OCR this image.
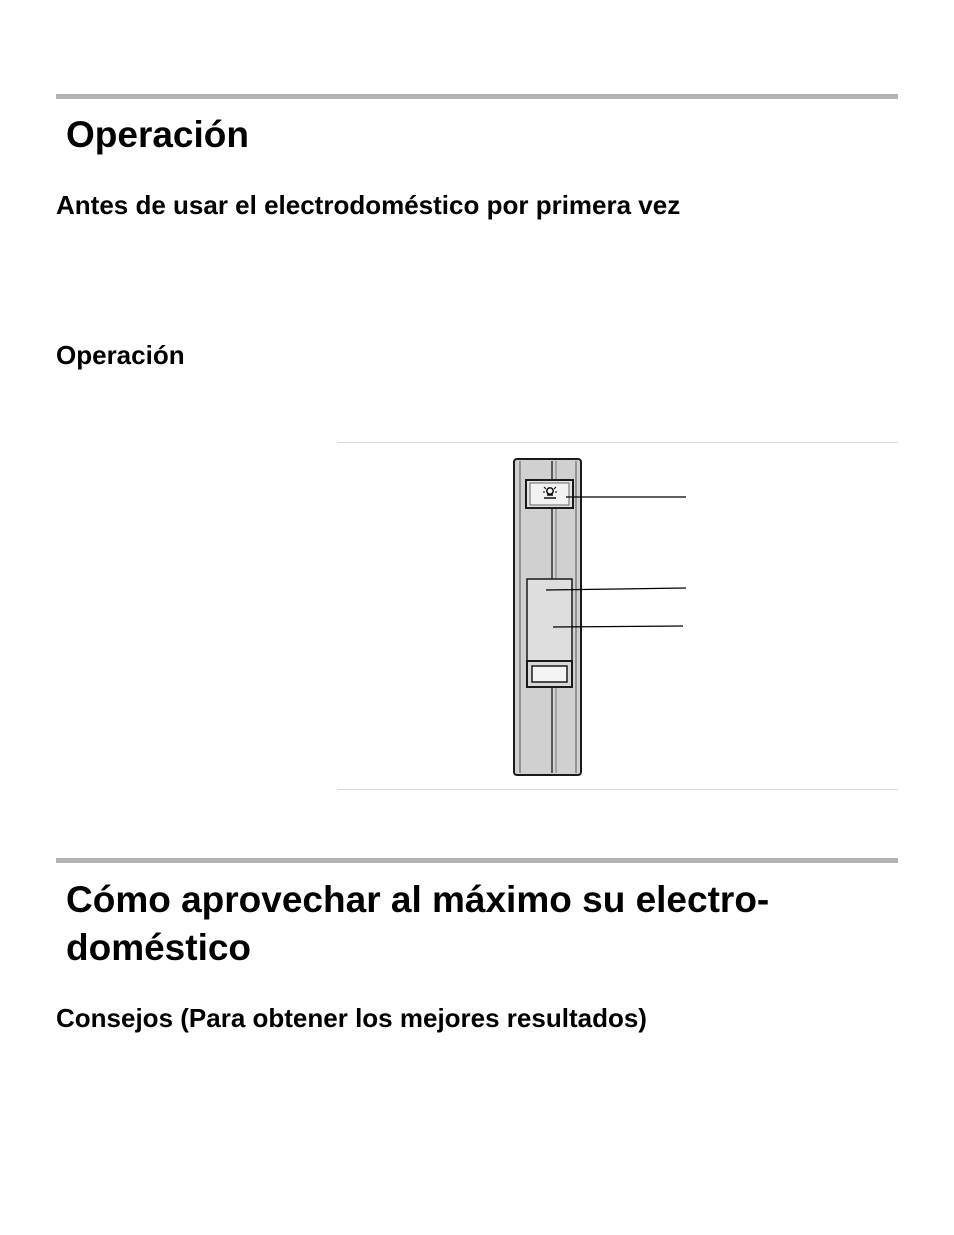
Operación
Antes de usar el electrodoméstico por primera vez
Operación
Cómo aprovechar al máximo su electro-
doméstico
Consejos (Para obtener los mejores resultados)
